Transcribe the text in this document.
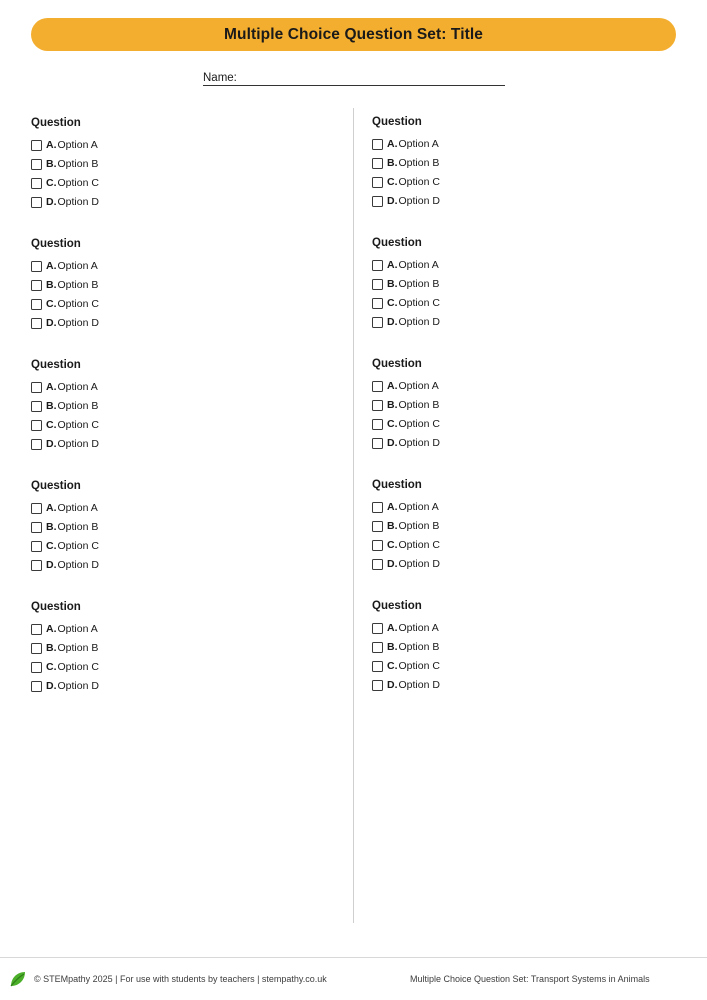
Multiple Choice Question Set: Title
Name:
Question
A. Option A
B. Option B
C. Option C
D. Option D
Question
A. Option A
B. Option B
C. Option C
D. Option D
Question
A. Option A
B. Option B
C. Option C
D. Option D
Question
A. Option A
B. Option B
C. Option C
D. Option D
Question
A. Option A
B. Option B
C. Option C
D. Option D
Question
A. Option A
B. Option B
C. Option C
D. Option D
Question
A. Option A
B. Option B
C. Option C
D. Option D
Question
A. Option A
B. Option B
C. Option C
D. Option D
Question
A. Option A
B. Option B
C. Option C
D. Option D
Question
A. Option A
B. Option B
C. Option C
D. Option D
© STEMpathy 2025 | For use with students by teachers | stempathy.co.uk	Multiple Choice Question Set: Transport Systems in Animals
